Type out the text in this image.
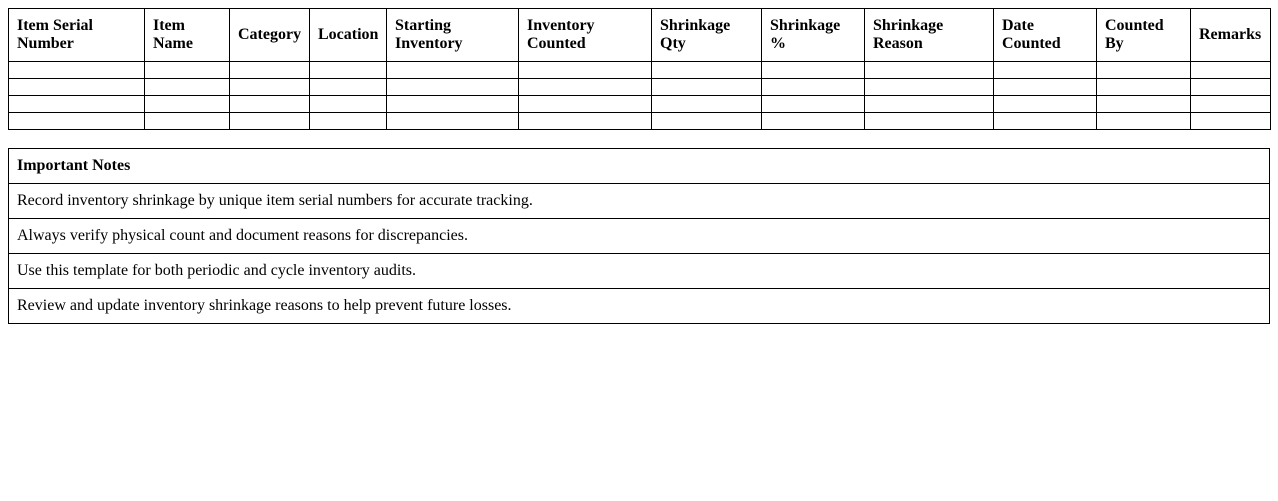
Item Serial Number	Item Name	Category	Location	Starting Inventory	Inventory Counted	Shrinkage Qty	Shrinkage %	Shrinkage Reason	Date Counted	Counted By	Remarks

Important Notes
Record inventory shrinkage by unique item serial numbers for accurate tracking.
Always verify physical count and document reasons for discrepancies.
Use this template for both periodic and cycle inventory audits.
Review and update inventory shrinkage reasons to help prevent future losses.
